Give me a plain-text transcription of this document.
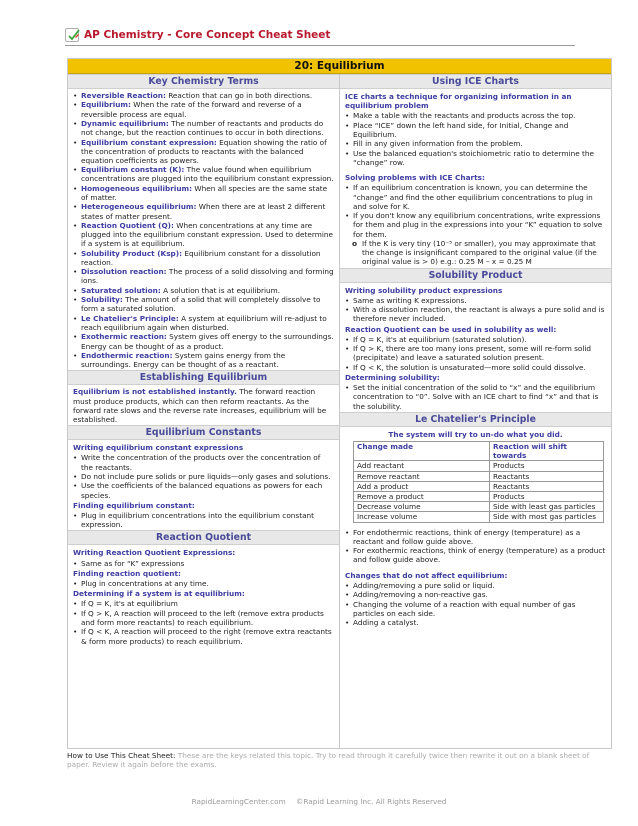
AP Chemistry - Core Concept Cheat Sheet
20: Equilibrium
Key Chemistry Terms
• Reversible Reaction: Reaction that can go in both directions.
• Equilibrium: When the rate of the forward and reverse of a reversible process are equal.
• Dynamic equilibrium: The number of reactants and products do not change, but the reaction continues to occur in both directions.
• Equilibrium constant expression: Equation showing the ratio of the concentration of products to reactants with the balanced equation coefficients as powers.
• Equilibrium constant (K): The value found when equilibrium concentrations are plugged into the equilibrium constant expression.
• Homogeneous equilibrium: When all species are the same state of matter.
• Heterogeneous equilibrium: When there are at least 2 different states of matter present.
• Reaction Quotient (Q): When concentrations at any time are plugged into the equilibrium constant expression. Used to determine if a system is at equilibrium.
• Solubility Product (Ksp): Equilibrium constant for a dissolution reaction.
• Dissolution reaction: The process of a solid dissolving and forming ions.
• Saturated solution: A solution that is at equilibrium.
• Solubility: The amount of a solid that will completely dissolve to form a saturated solution.
• Le Chatelier's Principle: A system at equilibrium will re-adjust to reach equilibrium again when disturbed.
• Exothermic reaction: System gives off energy to the surroundings. Energy can be thought of as a product.
• Endothermic reaction: System gains energy from the surroundings. Energy can be thought of as a reactant.
Establishing Equilibrium
Equilibrium is not established instantly. The forward reaction must produce products, which can then reform reactants. As the forward rate slows and the reverse rate increases, equilibrium will be established.
Equilibrium Constants
Writing equilibrium constant expressions
• Write the concentration of the products over the concentration of the reactants.
• Do not include pure solids or pure liquids—only gases and solutions.
• Use the coefficients of the balanced equations as powers for each species.
Finding equilibrium constant:
• Plug in equilibrium concentrations into the equilibrium constant expression.
Reaction Quotient
Writing Reaction Quotient Expressions:
• Same as for “K” expressions
Finding reaction quotient:
• Plug in concentrations at any time.
Determining if a system is at equilibrium:
• If Q = K, it's at equilibrium
• If Q > K, A reaction will proceed to the left (remove extra products and form more reactants) to reach equilibrium.
• If Q < K, A reaction will proceed to the right (remove extra reactants & form more products) to reach equilibrium.
Using ICE Charts
ICE charts a technique for organizing information in an equilibrium problem
• Make a table with the reactants and products across the top.
• Place “ICE” down the left hand side, for Initial, Change and Equilibrium.
• Fill in any given information from the problem.
• Use the balanced equation's stoichiometric ratio to determine the “change” row.
Solving problems with ICE Charts:
• If an equilibrium concentration is known, you can determine the “change” and find the other equilibrium concentrations to plug in and solve for K.
• If you don't know any equilibrium concentrations, write expressions for them and plug in the expressions into your “K” equation to solve for them.
o If the K is very tiny (10⁻⁵ or smaller), you may approximate that the change is insignificant compared to the original value (if the original value is > 0) e.g.: 0.25 M – x = 0.25 M
Solubility Product
Writing solubility product expressions
• Same as writing K expressions.
• With a dissolution reaction, the reactant is always a pure solid and is therefore never included.
Reaction Quotient can be used in solubility as well:
• If Q = K, it's at equilibrium (saturated solution).
• If Q > K, there are too many ions present, some will re-form solid (precipitate) and leave a saturated solution present.
• If Q < K, the solution is unsaturated—more solid could dissolve.
Determining solubility:
• Set the initial concentration of the solid to “x” and the equilibrium concentration to “0”. Solve with an ICE chart to find “x” and that is the solubility.
Le Chatelier's Principle
The system will try to un-do what you did.
Change made	Reaction will shift towards
Add reactant	Products
Remove reactant	Reactants
Add a product	Reactants
Remove a product	Products
Decrease volume	Side with least gas particles
Increase volume	Side with most gas particles
• For endothermic reactions, think of energy (temperature) as a reactant and follow guide above.
• For exothermic reactions, think of energy (temperature) as a product and follow guide above.
Changes that do not affect equilibrium:
• Adding/removing a pure solid or liquid.
• Adding/removing a non-reactive gas.
• Changing the volume of a reaction with equal number of gas particles on each side.
• Adding a catalyst.
How to Use This Cheat Sheet: These are the keys related this topic. Try to read through it carefully twice then rewrite it out on a blank sheet of paper. Review it again before the exams.
RapidLearningCenter.com ©Rapid Learning Inc. All Rights Reserved
